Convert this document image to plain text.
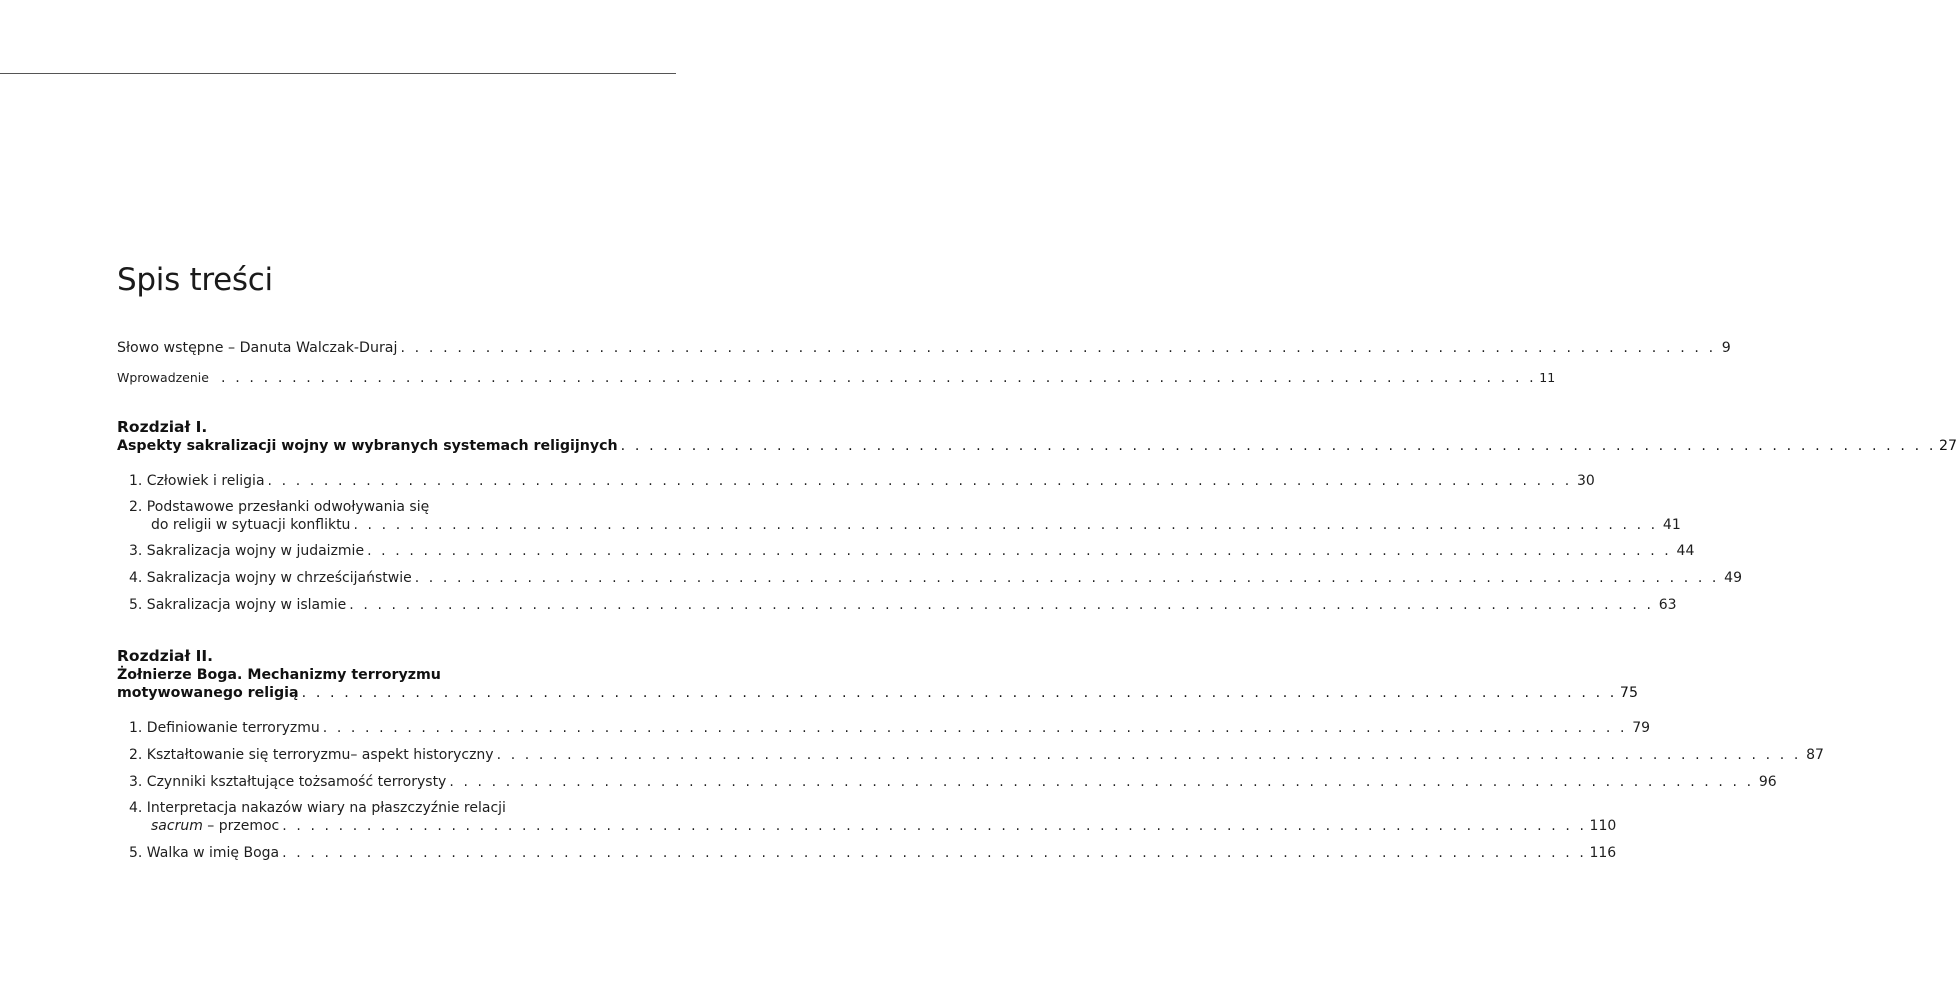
Spis treści
Słowo wstępne – Danuta Walczak-Duraj . . . . . . . . . . . . . . . . . . . . . . . . . . . . . . . . . . . . . . . . . . . . . . . . . . . . . . . . . . . . . . . . . . . . . . . . . . . . . . . . . . . . . . . . . . . . . 9
Wprowadzenie . . . . . . . . . . . . . . . . . . . . . . . . . . . . . . . . . . . . . . . . . . . . . . . . . . . . . . . . . . . . . . . . . . . . . . . . . . . . . . . . . . . . . . . . . . . . . 11
Rozdział I.
Aspekty sakralizacji wojny w wybranych systemach religijnych . . . . . . . . . . . . . . . . . . . . . . . . . . . . . . . . . . . . . . . . . . . . . . . . . . . . . . . . . . . . . . . . . . . . . . . . . . . . . . . . . . . . . . . . . . . . . 27
1. Człowiek i religia . . . . . . . . . . . . . . . . . . . . . . . . . . . . . . . . . . . . . . . . . . . . . . . . . . . . . . . . . . . . . . . . . . . . . . . . . . . . . . . . . . . . . . . . . . . . . 30
2. Podstawowe przesłanki odwoływania się
do religii w sytuacji konfliktu . . . . . . . . . . . . . . . . . . . . . . . . . . . . . . . . . . . . . . . . . . . . . . . . . . . . . . . . . . . . . . . . . . . . . . . . . . . . . . . . . . . . . . . . . . . . . 41
3. Sakralizacja wojny w judaizmie . . . . . . . . . . . . . . . . . . . . . . . . . . . . . . . . . . . . . . . . . . . . . . . . . . . . . . . . . . . . . . . . . . . . . . . . . . . . . . . . . . . . . . . . . . . . . 44
4. Sakralizacja wojny w chrześcijaństwie . . . . . . . . . . . . . . . . . . . . . . . . . . . . . . . . . . . . . . . . . . . . . . . . . . . . . . . . . . . . . . . . . . . . . . . . . . . . . . . . . . . . . . . . . . . . . 49
5. Sakralizacja wojny w islamie . . . . . . . . . . . . . . . . . . . . . . . . . . . . . . . . . . . . . . . . . . . . . . . . . . . . . . . . . . . . . . . . . . . . . . . . . . . . . . . . . . . . . . . . . . . . . 63
Rozdział II.
Żołnierze Boga. Mechanizmy terroryzmu
motywowanego religią . . . . . . . . . . . . . . . . . . . . . . . . . . . . . . . . . . . . . . . . . . . . . . . . . . . . . . . . . . . . . . . . . . . . . . . . . . . . . . . . . . . . . . . . . . . . . 75
1. Definiowanie terroryzmu . . . . . . . . . . . . . . . . . . . . . . . . . . . . . . . . . . . . . . . . . . . . . . . . . . . . . . . . . . . . . . . . . . . . . . . . . . . . . . . . . . . . . . . . . . . . . 79
2. Kształtowanie się terroryzmu– aspekt historyczny . . . . . . . . . . . . . . . . . . . . . . . . . . . . . . . . . . . . . . . . . . . . . . . . . . . . . . . . . . . . . . . . . . . . . . . . . . . . . . . . . . . . . . . . . . . . . 87
3. Czynniki kształtujące tożsamość terrorysty . . . . . . . . . . . . . . . . . . . . . . . . . . . . . . . . . . . . . . . . . . . . . . . . . . . . . . . . . . . . . . . . . . . . . . . . . . . . . . . . . . . . . . . . . . . . . 96
4. Interpretacja nakazów wiary na płaszczyźnie relacji
sacrum – przemoc . . . . . . . . . . . . . . . . . . . . . . . . . . . . . . . . . . . . . . . . . . . . . . . . . . . . . . . . . . . . . . . . . . . . . . . . . . . . . . . . . . . . . . . . . . . . . 110
5. Walka w imię Boga . . . . . . . . . . . . . . . . . . . . . . . . . . . . . . . . . . . . . . . . . . . . . . . . . . . . . . . . . . . . . . . . . . . . . . . . . . . . . . . . . . . . . . . . . . . . . 116
